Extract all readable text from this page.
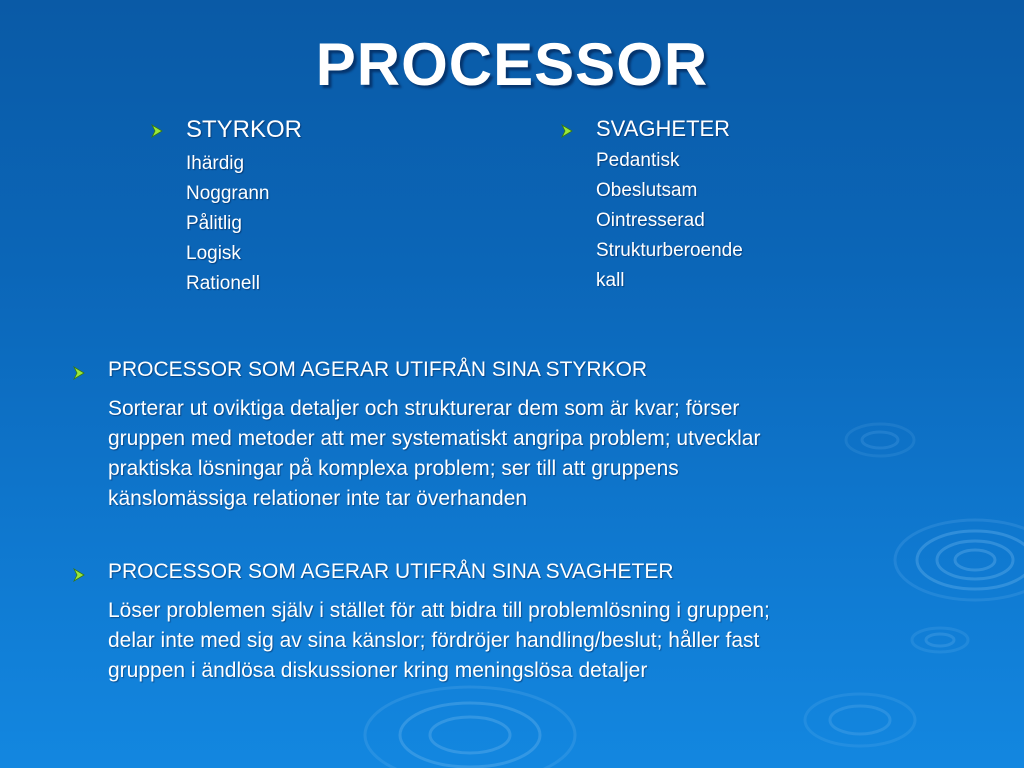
PROCESSOR
STYRKOR
Ihärdig
Noggrann
Pålitlig
Logisk
Rationell
SVAGHETER
Pedantisk
Obeslutsam
Ointresserad
Strukturberoende
kall
PROCESSOR SOM AGERAR UTIFRÅN SINA STYRKOR
Sorterar ut oviktiga detaljer och strukturerar dem som är kvar; förser
gruppen med metoder att mer systematiskt angripa problem; utvecklar
praktiska lösningar på komplexa problem; ser till att gruppens
känslomässiga relationer inte tar överhanden
PROCESSOR SOM AGERAR UTIFRÅN SINA SVAGHETER
Löser problemen själv i stället för att bidra till problemlösning i gruppen;
delar inte med sig av sina känslor; fördröjer handling/beslut; håller fast
gruppen i ändlösa diskussioner kring meningslösa detaljer
